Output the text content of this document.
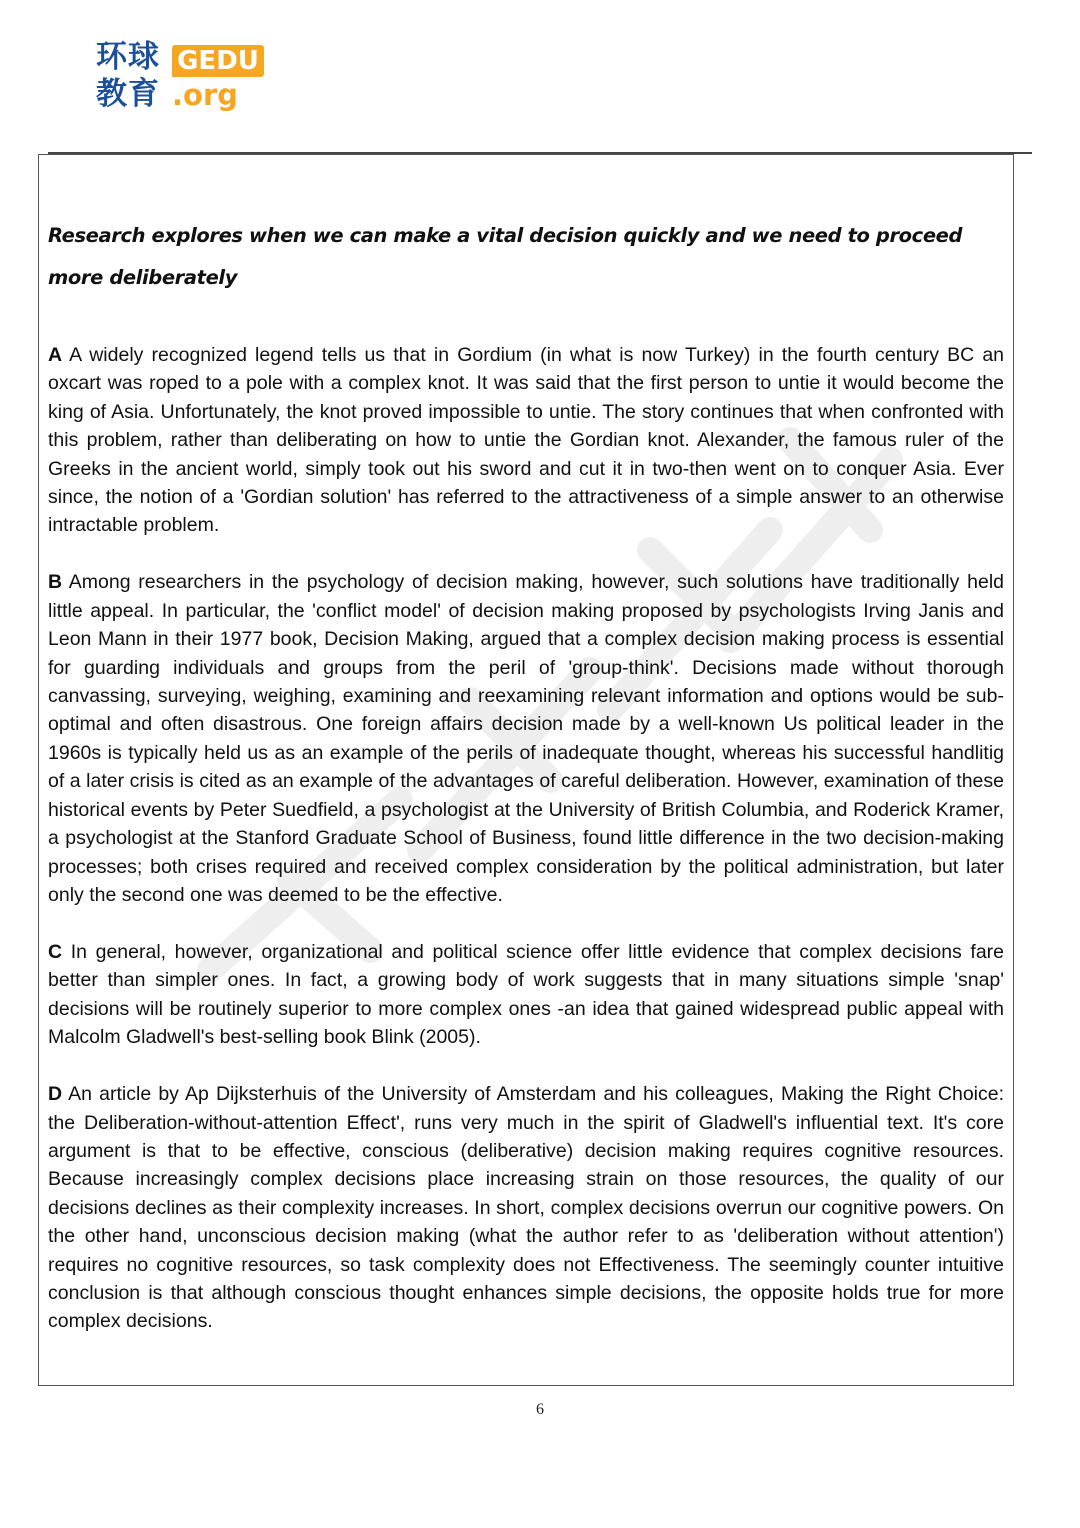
环球
教育
GEDU
.org

Research explores when we can make a vital decision quickly and we need to proceed more deliberately

A A widely recognized legend tells us that in Gordium (in what is now Turkey) in the fourth century BC an oxcart was roped to a pole with a complex knot. It was said that the first person to untie it would become the king of Asia. Unfortunately, the knot proved impossible to untie. The story continues that when confronted with this problem, rather than deliberating on how to untie the Gordian knot. Alexander, the famous ruler of the Greeks in the ancient world, simply took out his sword and cut it in two-then went on to conquer Asia. Ever since, the notion of a 'Gordian solution' has referred to the attractiveness of a simple answer to an otherwise intractable problem.

B Among researchers in the psychology of decision making, however, such solutions have traditionally held little appeal. In particular, the 'conflict model' of decision making proposed by psychologists Irving Janis and Leon Mann in their 1977 book, Decision Making, argued that a complex decision making process is essential for guarding individuals and groups from the peril of 'group-think'. Decisions made without thorough canvassing, surveying, weighing, examining and reexamining relevant information and options would be sub-optimal and often disastrous. One foreign affairs decision made by a well-known Us political leader in the 1960s is typically held us as an example of the perils of inadequate thought, whereas his successful handlitig of a later crisis is cited as an example of the advantages of careful deliberation. However, examination of these historical events by Peter Suedfield, a psychologist at the University of British Columbia, and Roderick Kramer, a psychologist at the Stanford Graduate School of Business, found little difference in the two decision-making processes; both crises required and received complex consideration by the political administration, but later only the second one was deemed to be the effective.

C In general, however, organizational and political science offer little evidence that complex decisions fare better than simpler ones. In fact, a growing body of work suggests that in many situations simple 'snap' decisions will be routinely superior to more complex ones -an idea that gained widespread public appeal with Malcolm Gladwell's best-selling book Blink (2005).

D An article by Ap Dijksterhuis of the University of Amsterdam and his colleagues, Making the Right Choice: the Deliberation-without-attention Effect', runs very much in the spirit of Gladwell's influential text. It's core argument is that to be effective, conscious (deliberative) decision making requires cognitive resources. Because increasingly complex decisions place increasing strain on those resources, the quality of our decisions declines as their complexity increases. In short, complex decisions overrun our cognitive powers. On the other hand, unconscious decision making (what the author refer to as 'deliberation without attention') requires no cognitive resources, so task complexity does not Effectiveness. The seemingly counter intuitive conclusion is that although conscious thought enhances simple decisions, the opposite holds true for more complex decisions.

6
